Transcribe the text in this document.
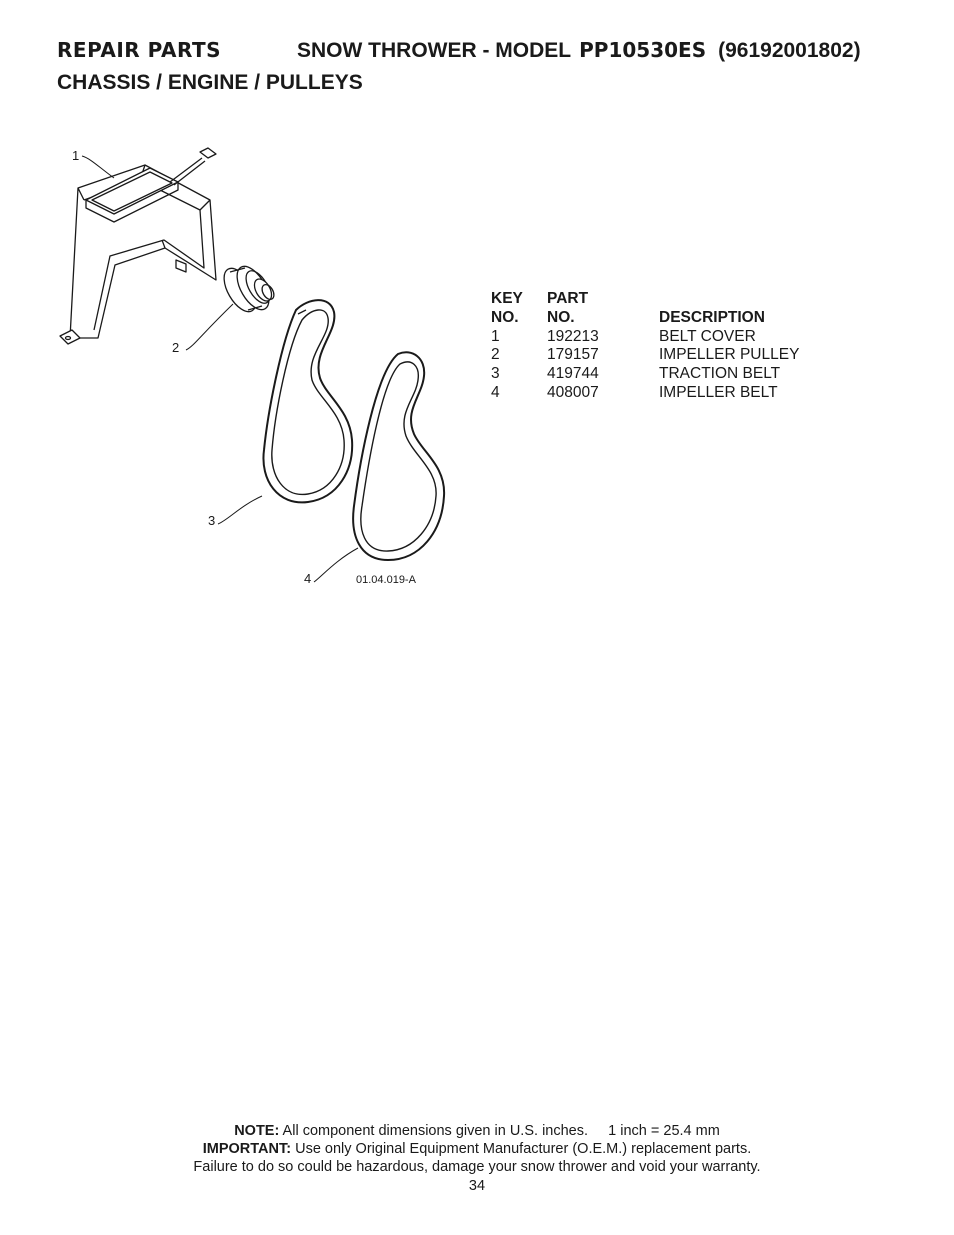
REPAIR PARTS	SNOW THROWER - MODEL PP10530ES (96192001802)
CHASSIS / ENGINE / PULLEYS
1
2
3
4	01.04.019-A
KEY	PART
NO.	NO.	DESCRIPTION
1	192213	BELT COVER
2	179157	IMPELLER PULLEY
3	419744	TRACTION BELT
4	408007	IMPELLER BELT
NOTE: All component dimensions given in U.S. inches. 1 inch = 25.4 mm
IMPORTANT: Use only Original Equipment Manufacturer (O.E.M.) replacement parts.
Failure to do so could be hazardous, damage your snow thrower and void your warranty.
34
